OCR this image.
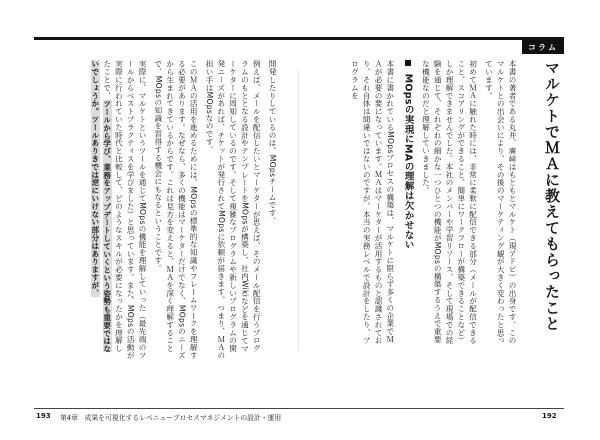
コラム
マルケトでＭＡに教えてもらったこと

本書の著者である丸井、廣﨑はもともとマルケト（現アドビ）の出身です。このマルケトとの出会いにより、その後のマーケティング観が大きく変わったと思っています。

初めてＭＡに触れた時には、非常に柔軟に配信できる部分（メールが配信できること、スコアリングができること、簡単にワークフローが構築できることなど）しか理解できませんでした。本社のメンバーや学習リソース、そして現場での経験を通じて、それぞれの細かな一つひとつの機能がMOpsの構築するうえで重要な機能なのだと理解していきました。

MOpsの実現にMAの理解は欠かせない

本書に書かれているMOpsプロセスの構築は、マルケトに限らず多くの企業でＭＡが必要の要になっています。ＭＡはマーケターが活用するものと認識されており、それ自体は間違いではないのですが、本当の実務レベルで設計をしたり、プログラムを

開発したりしているのは、MOpsチームです。

例えば、メールを配信したいとマーケターが思えば、そのメール配信を行うプログラムのもととなる設計やテンプレートをMOpsが構築し、社内Wikiなどを通じてマーケターに周知しているのです。そして複雑なプログラムや新しいプログラムの開発ニーズがあれば、チケットが発行されてMOpsに依頼が届きます。つまり、ＭＡの担い手はMOpsなのです。

このＭＡの活用を進めるためには、MOpsの標準的な知識やフレームワークを理解する必要があります。なぜなら、多くの機能はマーケターだけでなく、MOpsのニーズから生まれてきているからです。これは見方を変えると、ＭＡを深く理解することで、MOpsの知識を習得する機会にもなるということです。

実際に、マルケトというツールを通じてMOpsの機能を理解していった（最先端のツールからベストプラクティスを学びました）と思っています。また、MOpsの活動が実際に行われていた時代と比較して、どのようなスキルが必要になったかを理解したことで、ツールから学び、業務をアップデートしていくという姿勢も重要ではないでしょうか。ツールありきでは逆にいけない部分はありますが、

193 第4章　成果を可視化するレベニュープロセスマネジメントの設計・運用	192
